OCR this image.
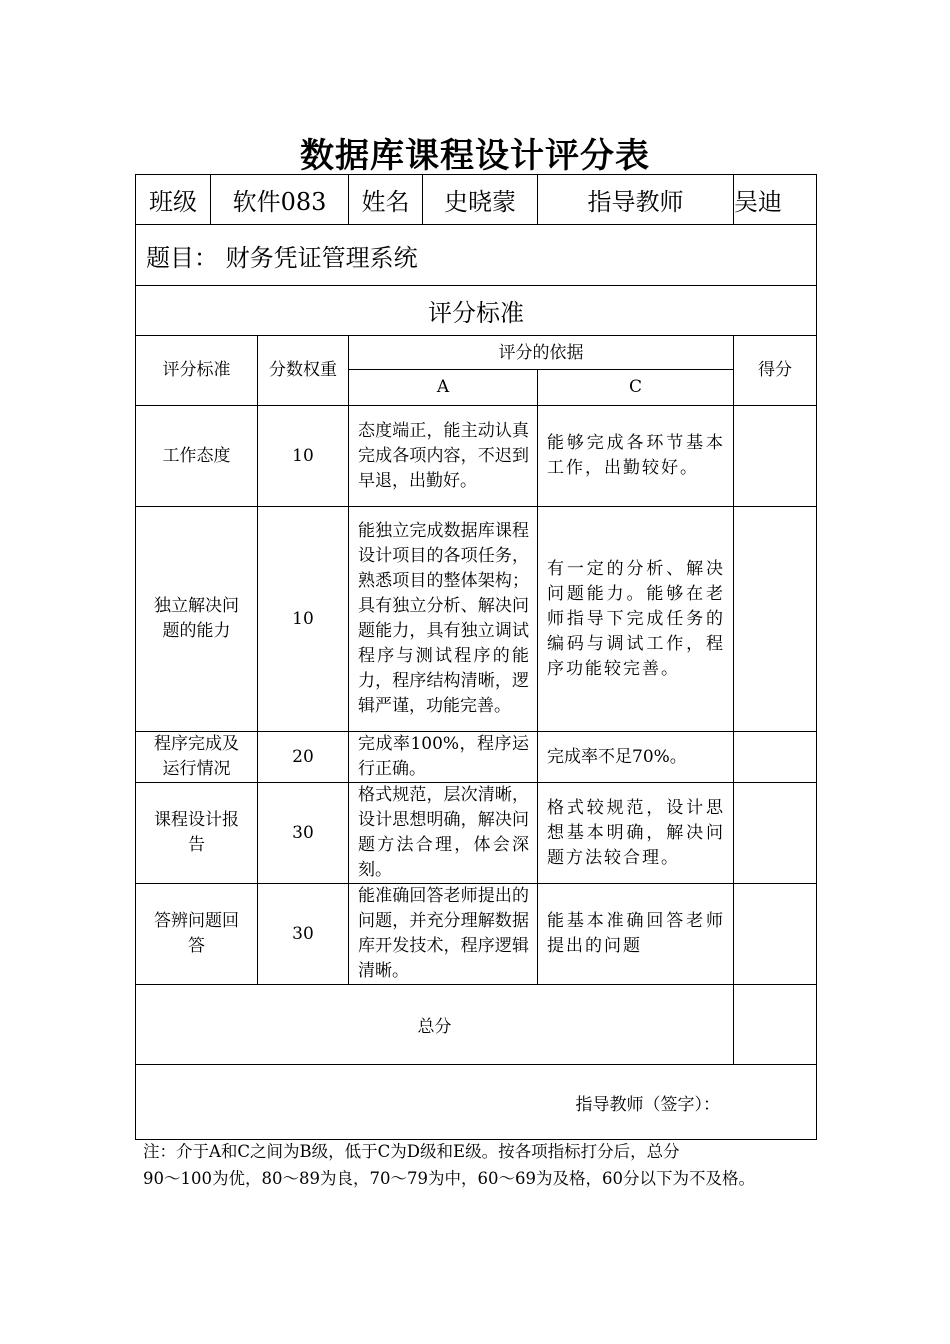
数据库课程设计评分表
班级	软件083		姓名	史晓蒙	指导教师	吴迪
题目： 财务凭证管理系统						
评分标准						
评分标准		分数权重	评分的依据			得分
			A		C	
工作态度		10	态度端正，能主动认真完成各项内容，不迟到早退，出勤好。		能够完成各环节基本工作，出勤较好。	
独立解决问题的能力		10	能独立完成数据库课程设计项目的各项任务，熟悉项目的整体架构；具有独立分析、解决问题能力，具有独立调试程序与测试程序的能力，程序结构清晰，逻辑严谨，功能完善。		有一定的分析、解决问题能力。能够在老师指导下完成任务的编码与调试工作，程序功能较完善。	
程序完成及运行情况		20	完成率100%，程序运行正确。		完成率不足70%。	
课程设计报告		30	格式规范，层次清晰，设计思想明确，解决问题方法合理，体会深刻。		格式较规范，设计思想基本明确，解决问题方法较合理。	
答辨问题回答		30	能准确回答老师提出的问题，并充分理解数据库开发技术，程序逻辑清晰。		能基本准确回答老师提出的问题	
总分						
指导教师（签字）：						

注：介于A和C之间为B级，低于C为D级和E级。按各项指标打分后，总分

90～100为优，80～89为良，70～79为中，60～69为及格，60分以下为不及格。
